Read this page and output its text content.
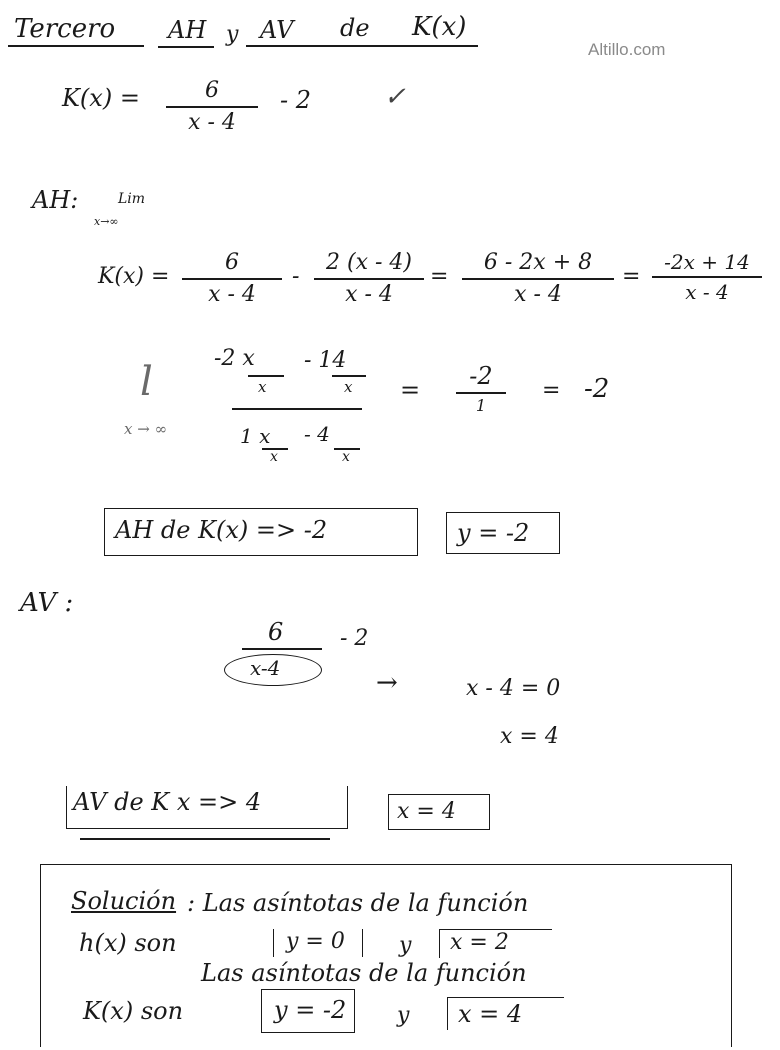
Altillo.com
Tercero AH y AV de K(x)
K(x) =	6
x - 4
- 2	✓
AH:	Lim
x→∞
K(x) =
6
x - 4
-
2 (x - 4)
x - 4
=
6 - 2x + 8
x - 4
=
-2x + 14
x - 4
l
x → ∞
-2 x
x
- 14
x
1 x
x
- 4
x
= -2
1
= -2
AH de K(x) => -2	y = -2
AV :
6	- 2
x-4	→	x - 4 = 0
x = 4
AV de K x => 4	x = 4
Solución : Las asíntotas de la función
h(x) son	y = 0 y x = 2
Las asíntotas de la función
K(x) son	y = -2 y x = 4
